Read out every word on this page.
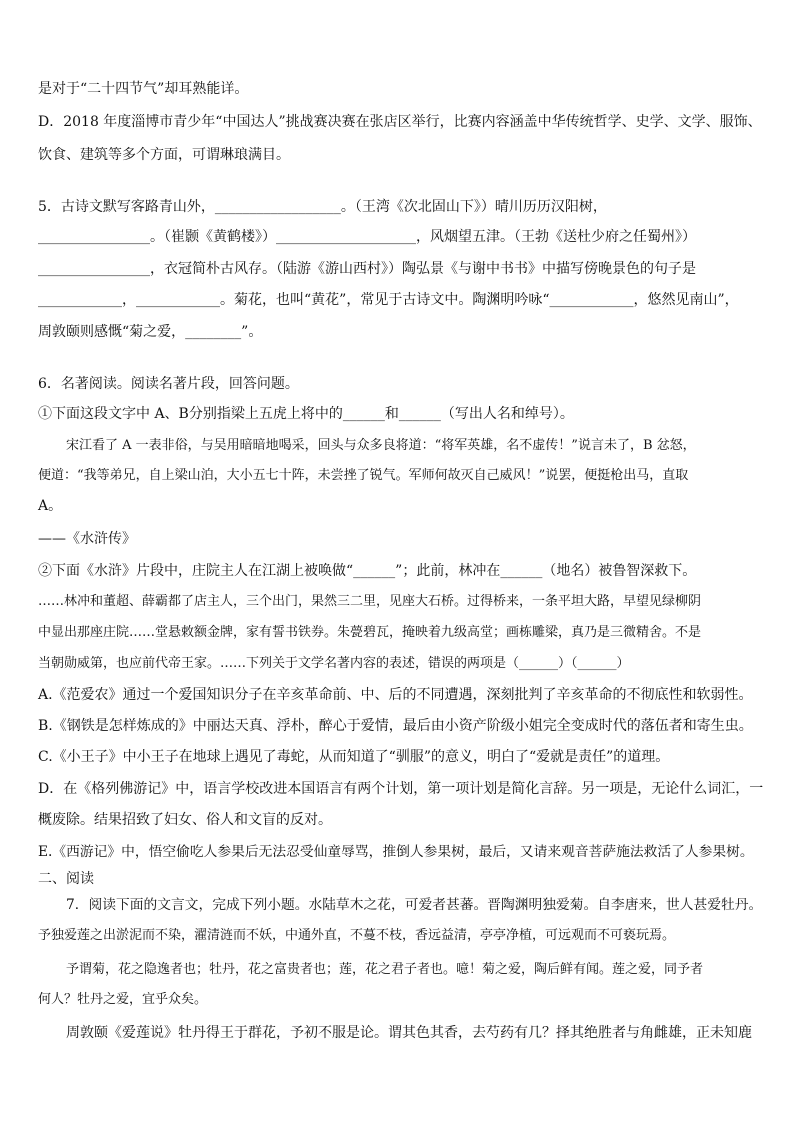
是对于“二十四节气”却耳熟能详。
D．2018 年度淄博市青少年“中国达人”挑战赛决赛在张店区举行，比赛内容涵盖中华传统哲学、史学、文学、服饰、
饮食、建筑等多个方面，可谓琳琅满目。
5．古诗文默写客路青山外，__________________。（王湾《次北固山下》）晴川历历汉阳树，
________________。（崔颢《黄鹤楼》）____________________，风烟望五津。（王勃《送杜少府之任蜀州》）
________________，衣冠简朴古风存。（陆游《游山西村》）陶弘景《与谢中书书》中描写傍晚景色的句子是
____________，____________。菊花，也叫“黄花”，常见于古诗文中。陶渊明吟咏“____________，悠然见南山”，
周敦颐则感慨“菊之爱，________”。
6．名著阅读。阅读名著片段，回答问题。
①下面这段文字中 A、B分别指梁上五虎上将中的______和______（写出人名和绰号）。
宋江看了 A 一表非俗，与吴用暗暗地喝采，回头与众多良将道：“将军英雄，名不虚传！”说言未了，B 忿怒，
便道：“我等弟兄，自上梁山泊，大小五七十阵，未尝挫了锐气。军师何故灭自己威风！”说罢，便挺枪出马，直取
A。
——《水浒传》
②下面《水浒》片段中，庄院主人在江湖上被唤做“______”；此前，林冲在______（地名）被鲁智深救下。
……林冲和董超、薛霸都了店主人，三个出门，果然三二里，见座大石桥。过得桥来，一条平坦大路，早望见绿柳阴
中显出那座庄院……堂悬敕额金牌，家有誓书铁券。朱甍碧瓦，掩映着九级高堂；画栋雕梁，真乃是三微精舍。不是
当朝勋威第，也应前代帝王家。……下列关于文学名著内容的表述，错误的两项是（______）（______）
A.《范爱农》通过一个爱国知识分子在辛亥革命前、中、后的不同遭遇，深刻批判了辛亥革命的不彻底性和软弱性。
B.《钢铁是怎样炼成的》中丽达天真、浮朴，醉心于爱情，最后由小资产阶级小姐完全变成时代的落伍者和寄生虫。
C.《小王子》中小王子在地球上遇见了毒蛇，从而知道了“驯服”的意义，明白了“爱就是责任”的道理。
D．在《格列佛游记》中，语言学校改进本国语言有两个计划，第一项计划是简化言辞。另一项是，无论什么词汇，一
概废除。结果招致了妇女、俗人和文盲的反对。
E.《西游记》中，悟空偷吃人参果后无法忍受仙童辱骂，推倒人参果树，最后，又请来观音菩萨施法救活了人参果树。
二、阅读
7．阅读下面的文言文，完成下列小题。水陆草木之花，可爱者甚蕃。晋陶渊明独爱菊。自李唐来，世人甚爱牡丹。
予独爱莲之出淤泥而不染，濯清涟而不妖，中通外直，不蔓不枝，香远益清，亭亭净植，可远观而不可亵玩焉。
予谓菊，花之隐逸者也；牡丹，花之富贵者也；莲，花之君子者也。噫！菊之爱，陶后鲜有闻。莲之爱，同予者
何人？牡丹之爱，宜乎众矣。
周敦颐《爱莲说》牡丹得王于群花，予初不服是论。谓其色其香，去芍药有几？择其绝胜者与角雌雄，正未知鹿
